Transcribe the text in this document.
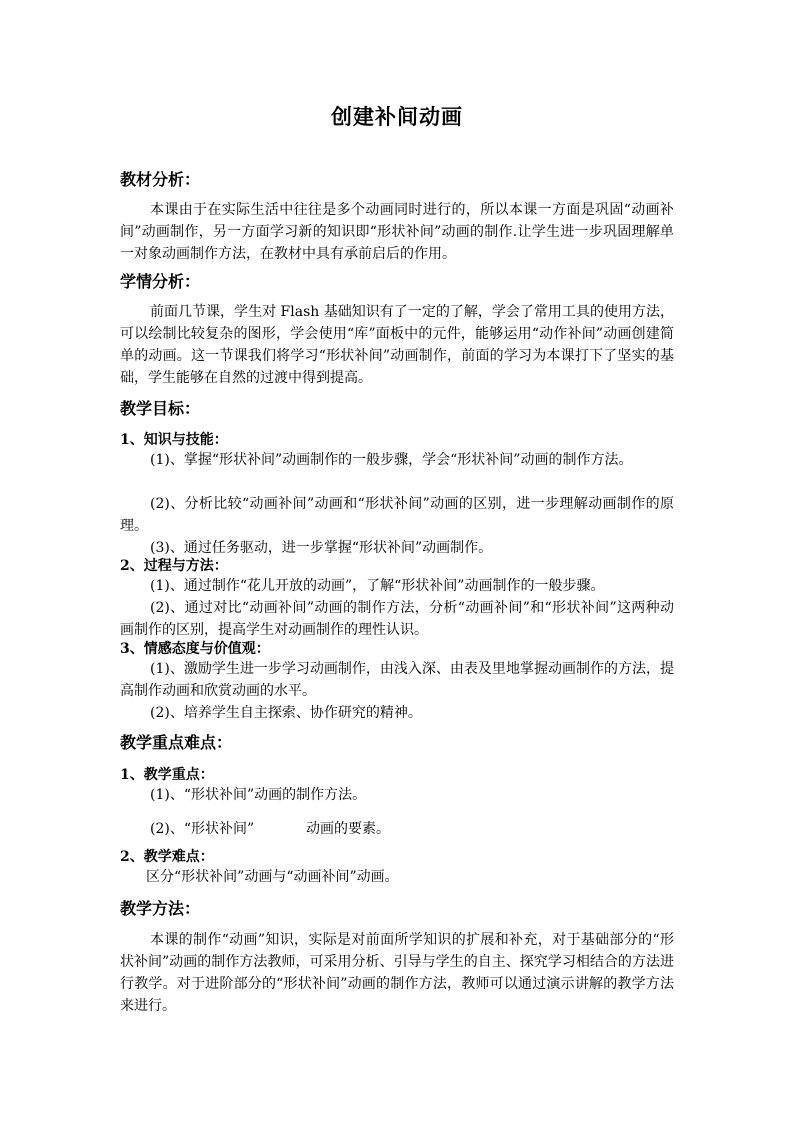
创建补间动画
教材分析：
本课由于在实际生活中往往是多个动画同时进行的，所以本课一方面是巩固“动画补间”动画制作，另一方面学习新的知识即“形状补间”动画的制作.让学生进一步巩固理解单一对象动画制作方法，在教材中具有承前启后的作用。
学情分析：
前面几节课，学生对 Flash 基础知识有了一定的了解，学会了常用工具的使用方法，可以绘制比较复杂的图形，学会使用“库”面板中的元件，能够运用“动作补间”动画创建简单的动画。这一节课我们将学习“形状补间”动画制作，前面的学习为本课打下了坚实的基础，学生能够在自然的过渡中得到提高。
教学目标：
1、知识与技能：
(1)、掌握“形状补间”动画制作的一般步骤，学会“形状补间”动画的制作方法。
(2)、分析比较“动画补间”动画和“形状补间”动画的区别，进一步理解动画制作的原理。
(3)、通过任务驱动，进一步掌握“形状补间”动画制作。
2、过程与方法：
(1)、通过制作“花儿开放的动画”，了解“形状补间”动画制作的一般步骤。
(2)、通过对比“动画补间”动画的制作方法，分析“动画补间”和“形状补间”这两种动画制作的区别，提高学生对动画制作的理性认识。
3、情感态度与价值观：
(1)、激励学生进一步学习动画制作，由浅入深、由表及里地掌握动画制作的方法，提高制作动画和欣赏动画的水平。
(2)、培养学生自主探索、协作研究的精神。
教学重点难点：
1、教学重点：
(1)、“形状补间”动画的制作方法。
(2)、“形状补间”	动画的要素。
2、教学难点：
区分“形状补间”动画与“动画补间”动画。
教学方法：
本课的制作“动画”知识，实际是对前面所学知识的扩展和补充，对于基础部分的“形状补间”动画的制作方法教师，可采用分析、引导与学生的自主、探究学习相结合的方法进行教学。对于进阶部分的“形状补间”动画的制作方法，教师可以通过演示讲解的教学方法来进行。
